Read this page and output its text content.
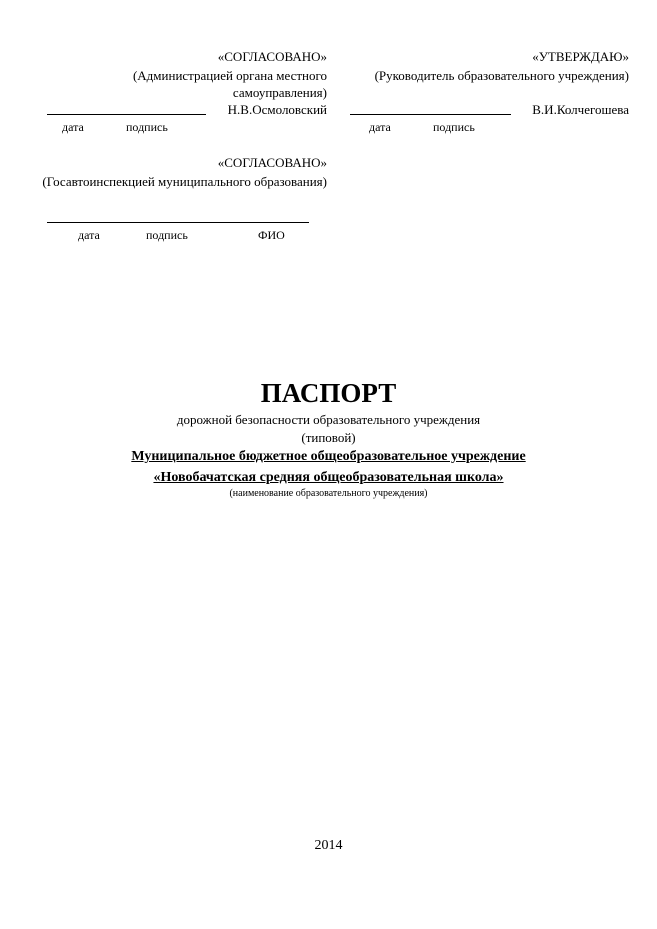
«СОГЛАСОВАНО»
(Администрацией органа местного самоуправления)
Н.В.Осмоловский
дата	подпись
«УТВЕРЖДАЮ»
(Руководитель образовательного учреждения)
В.И.Колчегошева
дата	подпись
«СОГЛАСОВАНО»
(Госавтоинспекцией муниципального образования)
дата	подпись	ФИО
ПАСПОРТ
дорожной безопасности образовательного учреждения
(типовой)
Муниципальное бюджетное общеобразовательное учреждение
«Новобачатская средняя общеобразовательная школа»
(наименование образовательного учреждения)
2014
